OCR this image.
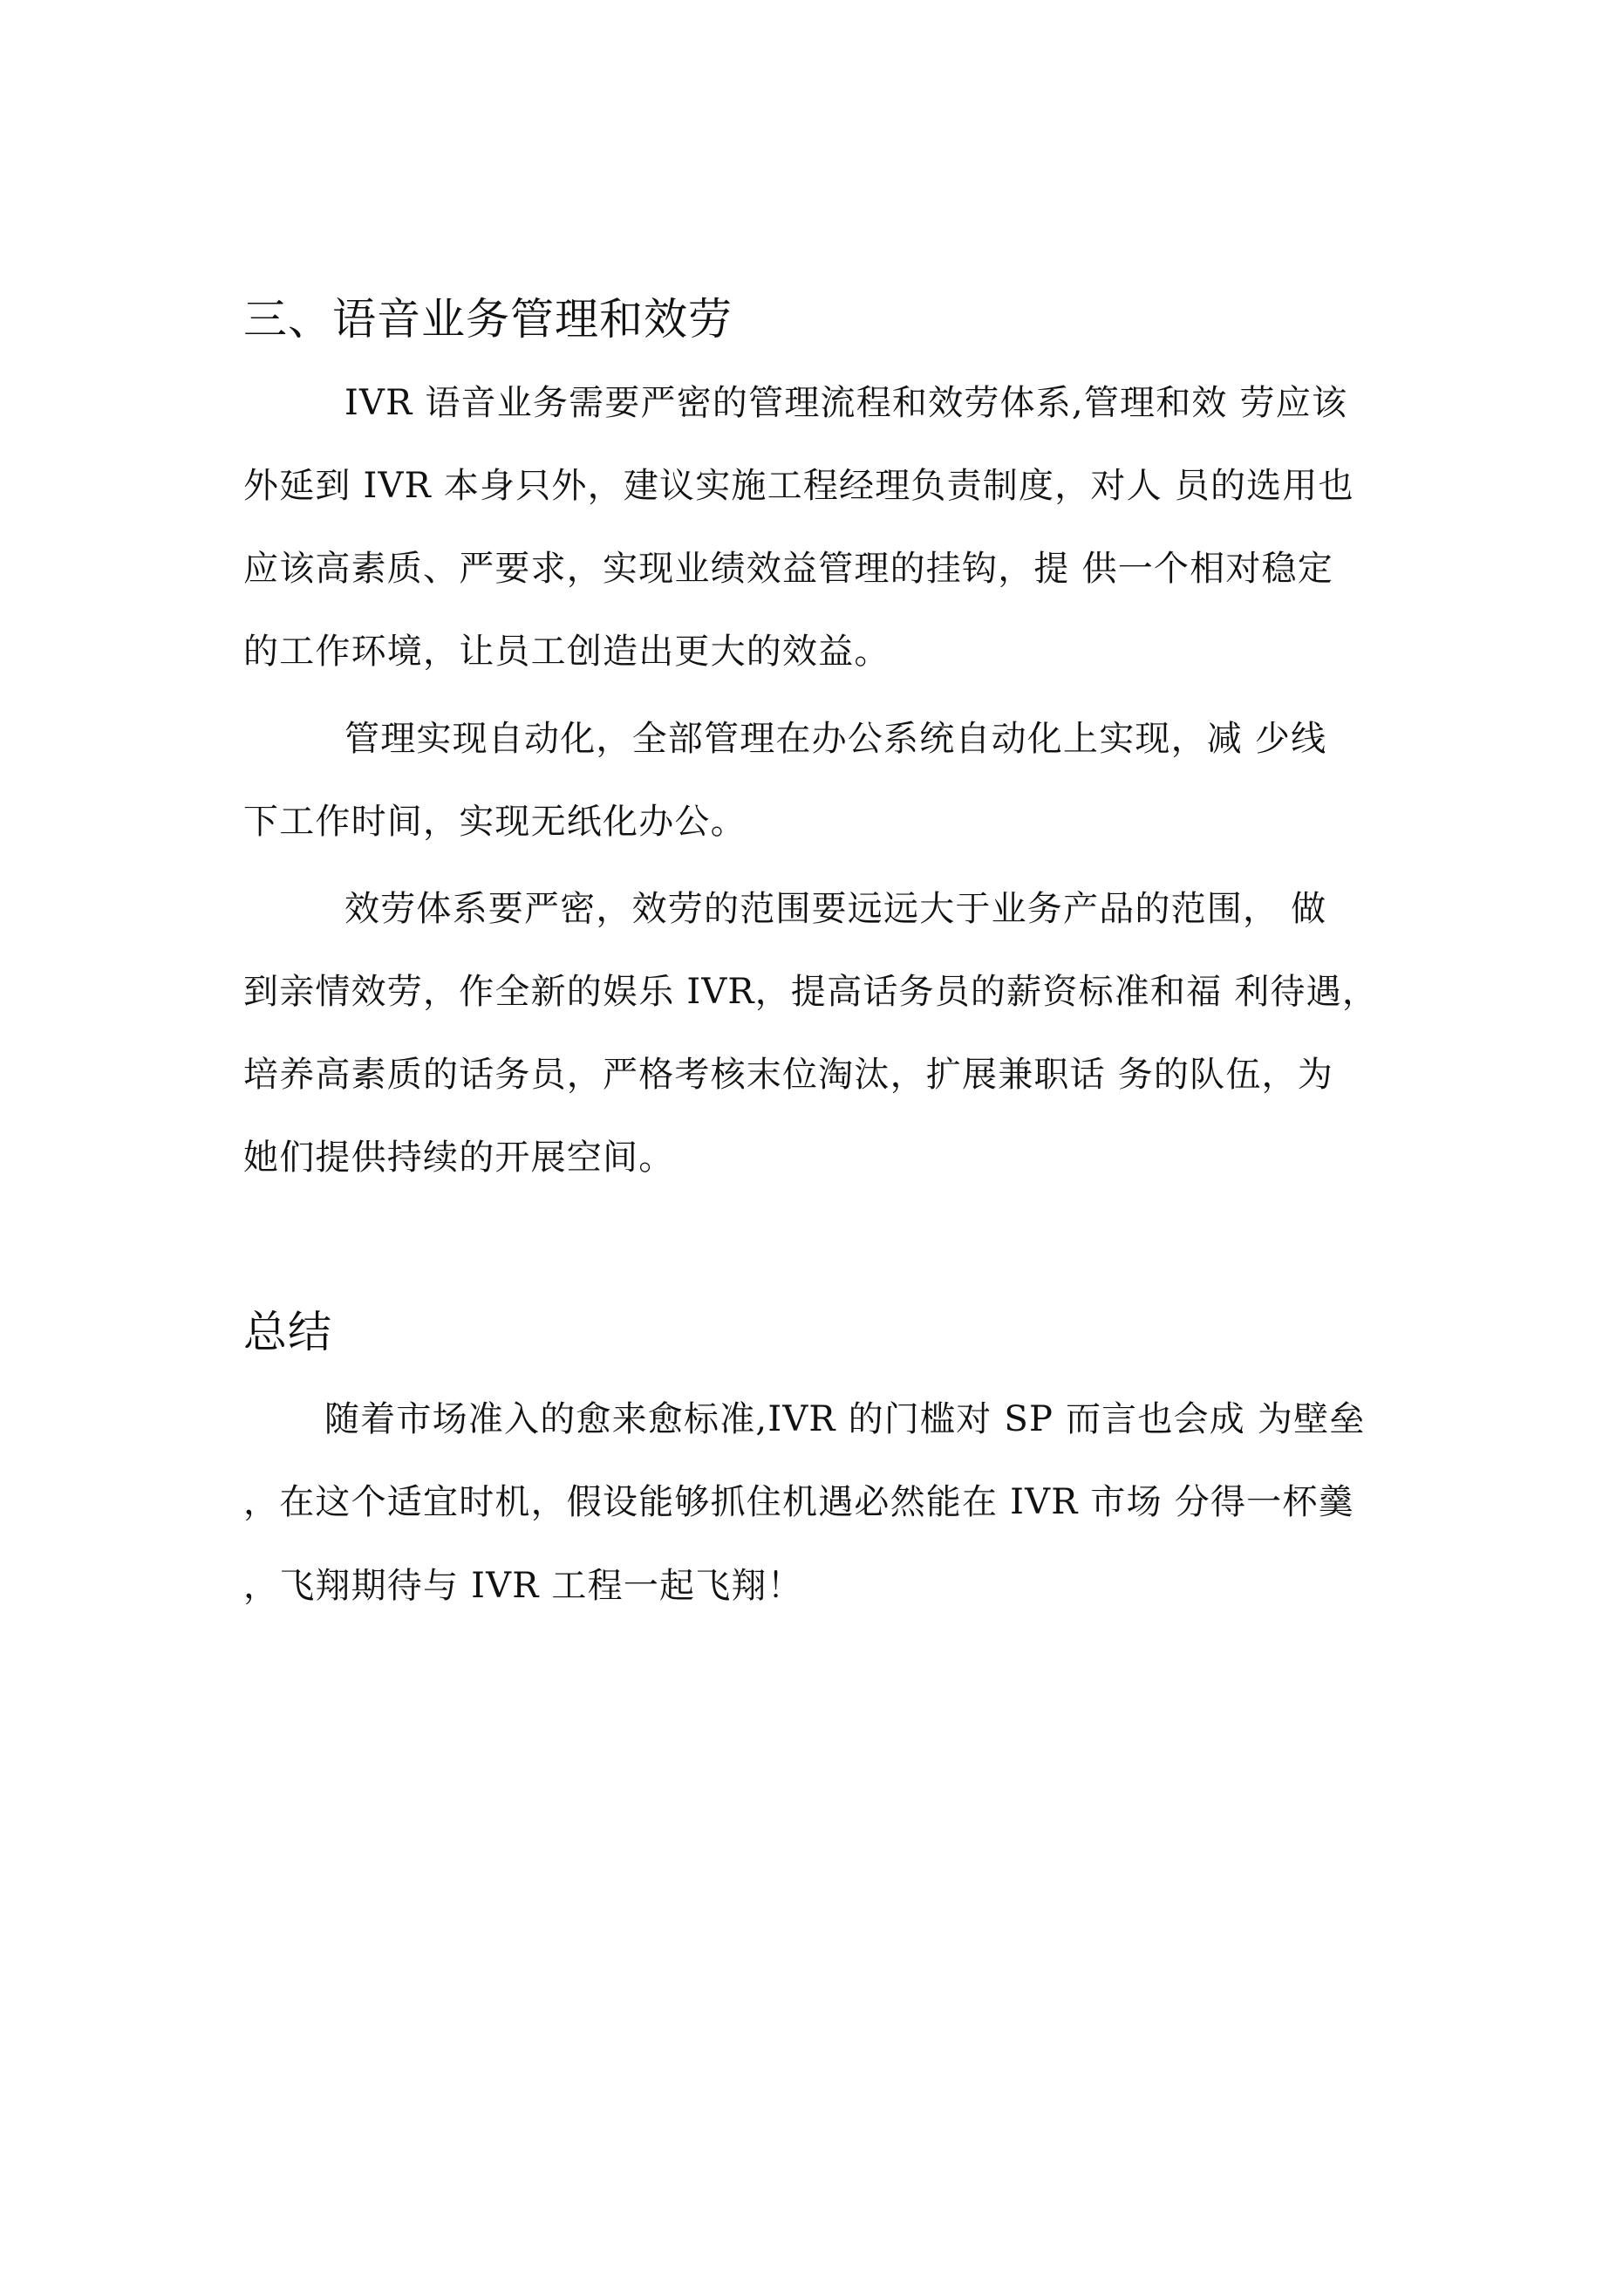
三、语音业务管理和效劳

IVR 语音业务需要严密的管理流程和效劳体系,管理和效 劳应该

外延到 IVR 本身只外，建议实施工程经理负责制度，对人 员的选用也

应该高素质、严要求，实现业绩效益管理的挂钩，提 供一个相对稳定

的工作环境，让员工创造出更大的效益。

管理实现自动化，全部管理在办公系统自动化上实现，减 少线

下工作时间，实现无纸化办公。

效劳体系要严密，效劳的范围要远远大于业务产品的范围， 做

到亲情效劳，作全新的娱乐 IVR，提高话务员的薪资标准和福 利待遇，

培养高素质的话务员，严格考核末位淘汰，扩展兼职话 务的队伍，为

她们提供持续的开展空间。

总结

随着市场准入的愈来愈标准,IVR 的门槛对 SP 而言也会成 为壁垒

，在这个适宜时机，假设能够抓住机遇必然能在 IVR 市场 分得一杯羹

，飞翔期待与 IVR 工程一起飞翔！
